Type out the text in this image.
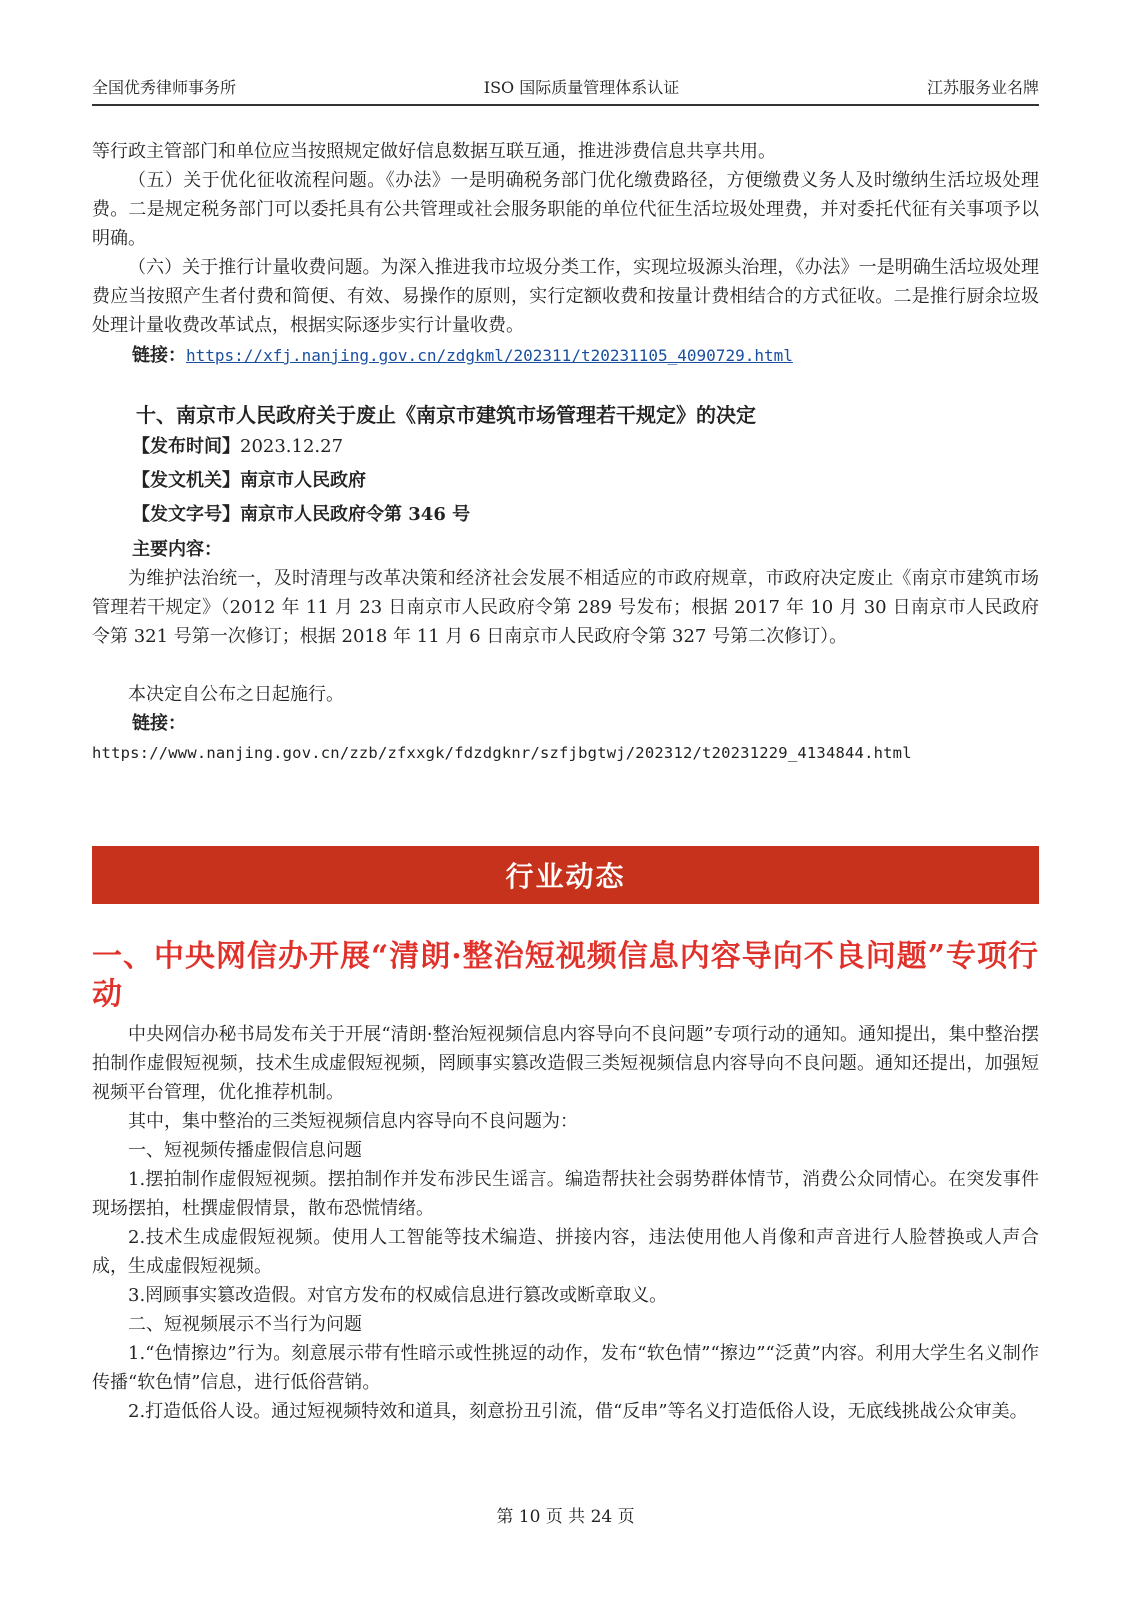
全国优秀律师事务所	ISO 国际质量管理体系认证	江苏服务业名牌

等行政主管部门和单位应当按照规定做好信息数据互联互通，推进涉费信息共享共用。

（五）关于优化征收流程问题。《办法》一是明确税务部门优化缴费路径，方便缴费义务人及时缴纳生活垃圾处理费。二是规定税务部门可以委托具有公共管理或社会服务职能的单位代征生活垃圾处理费，并对委托代征有关事项予以明确。

（六）关于推行计量收费问题。为深入推进我市垃圾分类工作，实现垃圾源头治理，《办法》一是明确生活垃圾处理费应当按照产生者付费和简便、有效、易操作的原则，实行定额收费和按量计费相结合的方式征收。二是推行厨余垃圾处理计量收费改革试点，根据实际逐步实行计量收费。

链接：https://xfj.nanjing.gov.cn/zdgkml/202311/t20231105_4090729.html

十、南京市人民政府关于废止《南京市建筑市场管理若干规定》的决定

【发布时间】2023.12.27

【发文机关】南京市人民政府

【发文字号】南京市人民政府令第 346 号

主要内容：

为维护法治统一，及时清理与改革决策和经济社会发展不相适应的市政府规章，市政府决定废止《南京市建筑市场管理若干规定》（2012 年 11 月 23 日南京市人民政府令第 289 号发布；根据 2017 年 10 月 30 日南京市人民政府令第 321 号第一次修订；根据 2018 年 11 月 6 日南京市人民政府令第 327 号第二次修订）。

本决定自公布之日起施行。

链接：

https://www.nanjing.gov.cn/zzb/zfxxgk/fdzdgknr/szfjbgtwj/202312/t20231229_4134844.html

行业动态

一、中央网信办开展“清朗·整治短视频信息内容导向不良问题”专项行动

中央网信办秘书局发布关于开展“清朗·整治短视频信息内容导向不良问题”专项行动的通知。通知提出，集中整治摆拍制作虚假短视频，技术生成虚假短视频，罔顾事实篡改造假三类短视频信息内容导向不良问题。通知还提出，加强短视频平台管理，优化推荐机制。

其中，集中整治的三类短视频信息内容导向不良问题为：

一、短视频传播虚假信息问题

1.摆拍制作虚假短视频。摆拍制作并发布涉民生谣言。编造帮扶社会弱势群体情节，消费公众同情心。在突发事件现场摆拍，杜撰虚假情景，散布恐慌情绪。

2.技术生成虚假短视频。使用人工智能等技术编造、拼接内容，违法使用他人肖像和声音进行人脸替换或人声合成，生成虚假短视频。

3.罔顾事实篡改造假。对官方发布的权威信息进行篡改或断章取义。

二、短视频展示不当行为问题

1.“色情擦边”行为。刻意展示带有性暗示或性挑逗的动作，发布“软色情”“擦边”“泛黄”内容。利用大学生名义制作传播“软色情”信息，进行低俗营销。

2.打造低俗人设。通过短视频特效和道具，刻意扮丑引流，借“反串”等名义打造低俗人设，无底线挑战公众审美。

第 10 页 共 24 页
